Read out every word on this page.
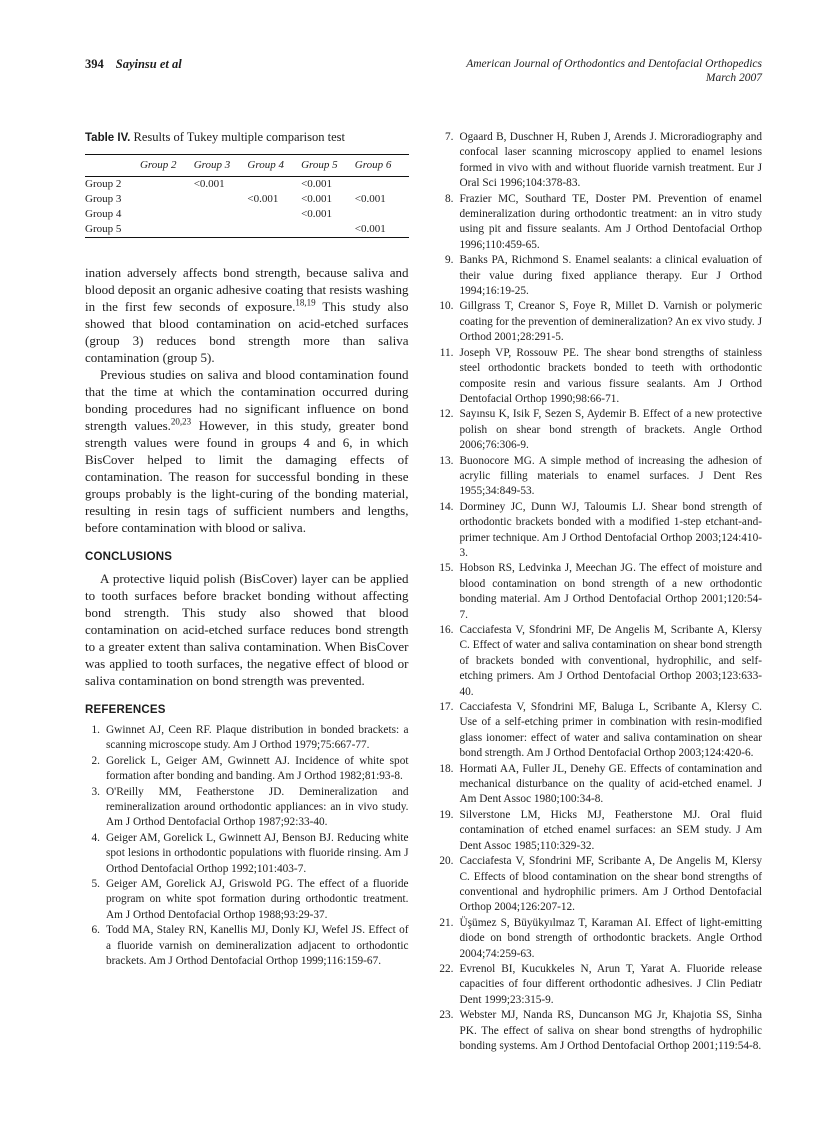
394 Sayinsu et al	American Journal of Orthodontics and Dentofacial Orthopedics
March 2007
Table IV. Results of Tukey multiple comparison test
	Group 2	Group 3	Group 4	Group 5	Group 6
Group 2		<0.001		<0.001	
Group 3			<0.001	<0.001	<0.001
Group 4				<0.001	
Group 5					<0.001

ination adversely affects bond strength, because saliva and blood deposit an organic adhesive coating that resists washing in the first few seconds of exposure.$^{18,19}$ This study also showed that blood contamination on acid-etched surfaces (group 3) reduces bond strength more than saliva contamination (group 5).

Previous studies on saliva and blood contamination found that the time at which the contamination occurred during bonding procedures had no significant influence on bond strength values.$^{20,23}$ However, in this study, greater bond strength values were found in groups 4 and 6, in which BisCover helped to limit the damaging effects of contamination. The reason for successful bonding in these groups probably is the light-curing of the bonding material, resulting in resin tags of sufficient numbers and lengths, before contamination with blood or saliva.

CONCLUSIONS

A protective liquid polish (BisCover) layer can be applied to tooth surfaces before bracket bonding without affecting bond strength. This study also showed that blood contamination on acid-etched surface reduces bond strength to a greater extent than saliva contamination. When BisCover was applied to tooth surfaces, the negative effect of blood or saliva contamination on bond strength was prevented.

REFERENCES
1. Gwinnet AJ, Ceen RF. Plaque distribution in bonded brackets: a scanning microscope study. Am J Orthod 1979;75:667-77.
2. Gorelick L, Geiger AM, Gwinnett AJ. Incidence of white spot formation after bonding and banding. Am J Orthod 1982;81:93-8.
3. O'Reilly MM, Featherstone JD. Demineralization and remineralization around orthodontic appliances: an in vivo study. Am J Orthod Dentofacial Orthop 1987;92:33-40.
4. Geiger AM, Gorelick L, Gwinnett AJ, Benson BJ. Reducing white spot lesions in orthodontic populations with fluoride rinsing. Am J Orthod Dentofacial Orthop 1992;101:403-7.
5. Geiger AM, Gorelick AJ, Griswold PG. The effect of a fluoride program on white spot formation during orthodontic treatment. Am J Orthod Dentofacial Orthop 1988;93:29-37.
6. Todd MA, Staley RN, Kanellis MJ, Donly KJ, Wefel JS. Effect of a fluoride varnish on demineralization adjacent to orthodontic brackets. Am J Orthod Dentofacial Orthop 1999;116:159-67.
7. Ogaard B, Duschner H, Ruben J, Arends J. Microradiography and confocal laser scanning microscopy applied to enamel lesions formed in vivo with and without fluoride varnish treatment. Eur J Oral Sci 1996;104:378-83.
8. Frazier MC, Southard TE, Doster PM. Prevention of enamel demineralization during orthodontic treatment: an in vitro study using pit and fissure sealants. Am J Orthod Dentofacial Orthop 1996;110:459-65.
9. Banks PA, Richmond S. Enamel sealants: a clinical evaluation of their value during fixed appliance therapy. Eur J Orthod 1994;16:19-25.
10. Gillgrass T, Creanor S, Foye R, Millet D. Varnish or polymeric coating for the prevention of demineralization? An ex vivo study. J Orthod 2001;28:291-5.
11. Joseph VP, Rossouw PE. The shear bond strengths of stainless steel orthodontic brackets bonded to teeth with orthodontic composite resin and various fissure sealants. Am J Orthod Dentofacial Orthop 1990;98:66-71.
12. Sayınsu K, Isik F, Sezen S, Aydemir B. Effect of a new protective polish on shear bond strength of brackets. Angle Orthod 2006;76:306-9.
13. Buonocore MG. A simple method of increasing the adhesion of acrylic filling materials to enamel surfaces. J Dent Res 1955;34:849-53.
14. Dorminey JC, Dunn WJ, Taloumis LJ. Shear bond strength of orthodontic brackets bonded with a modified 1-step etchant-and-primer technique. Am J Orthod Dentofacial Orthop 2003;124:410-3.
15. Hobson RS, Ledvinka J, Meechan JG. The effect of moisture and blood contamination on bond strength of a new orthodontic bonding material. Am J Orthod Dentofacial Orthop 2001;120:54-7.
16. Cacciafesta V, Sfondrini MF, De Angelis M, Scribante A, Klersy C. Effect of water and saliva contamination on shear bond strength of brackets bonded with conventional, hydrophilic, and self-etching primers. Am J Orthod Dentofacial Orthop 2003;123:633-40.
17. Cacciafesta V, Sfondrini MF, Baluga L, Scribante A, Klersy C. Use of a self-etching primer in combination with resin-modified glass ionomer: effect of water and saliva contamination on shear bond strength. Am J Orthod Dentofacial Orthop 2003;124:420-6.
18. Hormati AA, Fuller JL, Denehy GE. Effects of contamination and mechanical disturbance on the quality of acid-etched enamel. J Am Dent Assoc 1980;100:34-8.
19. Silverstone LM, Hicks MJ, Featherstone MJ. Oral fluid contamination of etched enamel surfaces: an SEM study. J Am Dent Assoc 1985;110:329-32.
20. Cacciafesta V, Sfondrini MF, Scribante A, De Angelis M, Klersy C. Effects of blood contamination on the shear bond strengths of conventional and hydrophilic primers. Am J Orthod Dentofacial Orthop 2004;126:207-12.
21. Üşümez S, Büyükyılmaz T, Karaman AI. Effect of light-emitting diode on bond strength of orthodontic brackets. Angle Orthod 2004;74:259-63.
22. Evrenol BI, Kucukkeles N, Arun T, Yarat A. Fluoride release capacities of four different orthodontic adhesives. J Clin Pediatr Dent 1999;23:315-9.
23. Webster MJ, Nanda RS, Duncanson MG Jr, Khajotia SS, Sinha PK. The effect of saliva on shear bond strengths of hydrophilic bonding systems. Am J Orthod Dentofacial Orthop 2001;119:54-8.
